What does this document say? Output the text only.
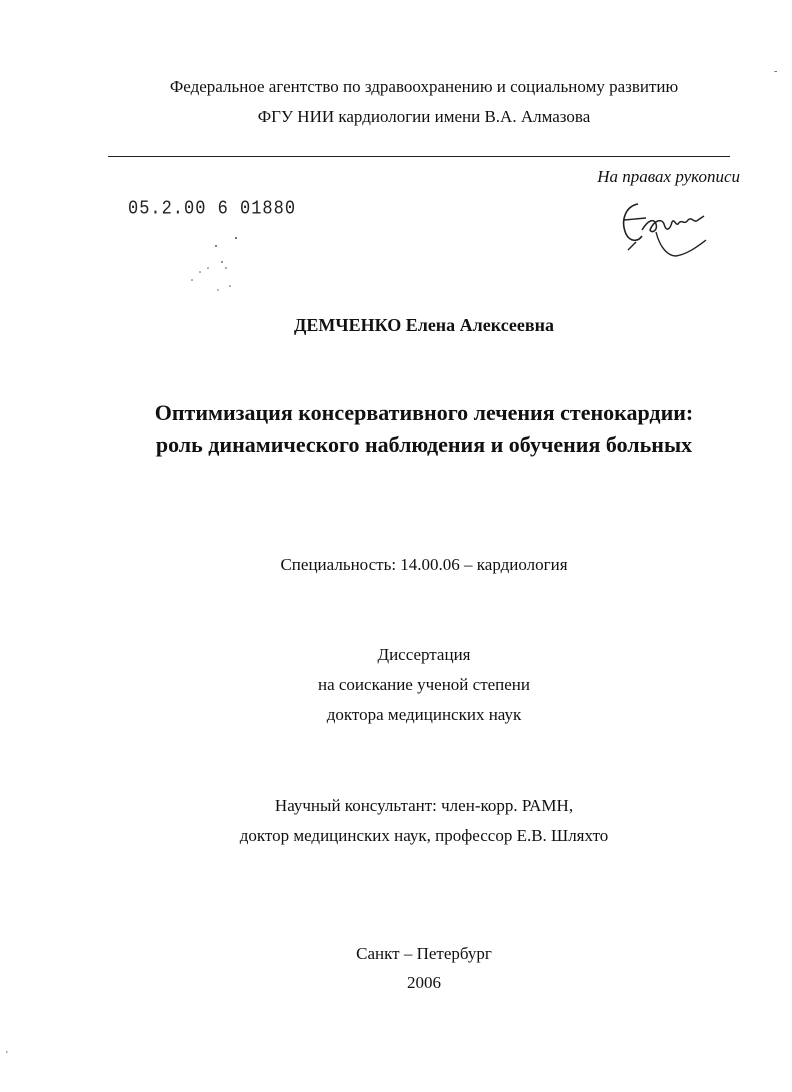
Федеральное агентство по здравоохранению и социальному развитию
ФГУ НИИ кардиологии имени В.А. Алмазова
На правах рукописи
05.2.00 6 01880
ДЕМЧЕНКО Елена Алексеевна
Оптимизация консервативного лечения стенокардии:
роль динамического наблюдения и обучения больных
Специальность: 14.00.06 – кардиология
Диссертация
на соискание ученой степени
доктора медицинских наук
Научный консультант: член-корр. РАМН,
доктор медицинских наук, профессор Е.В. Шляхто
Санкт – Петербург
2006
-
'
